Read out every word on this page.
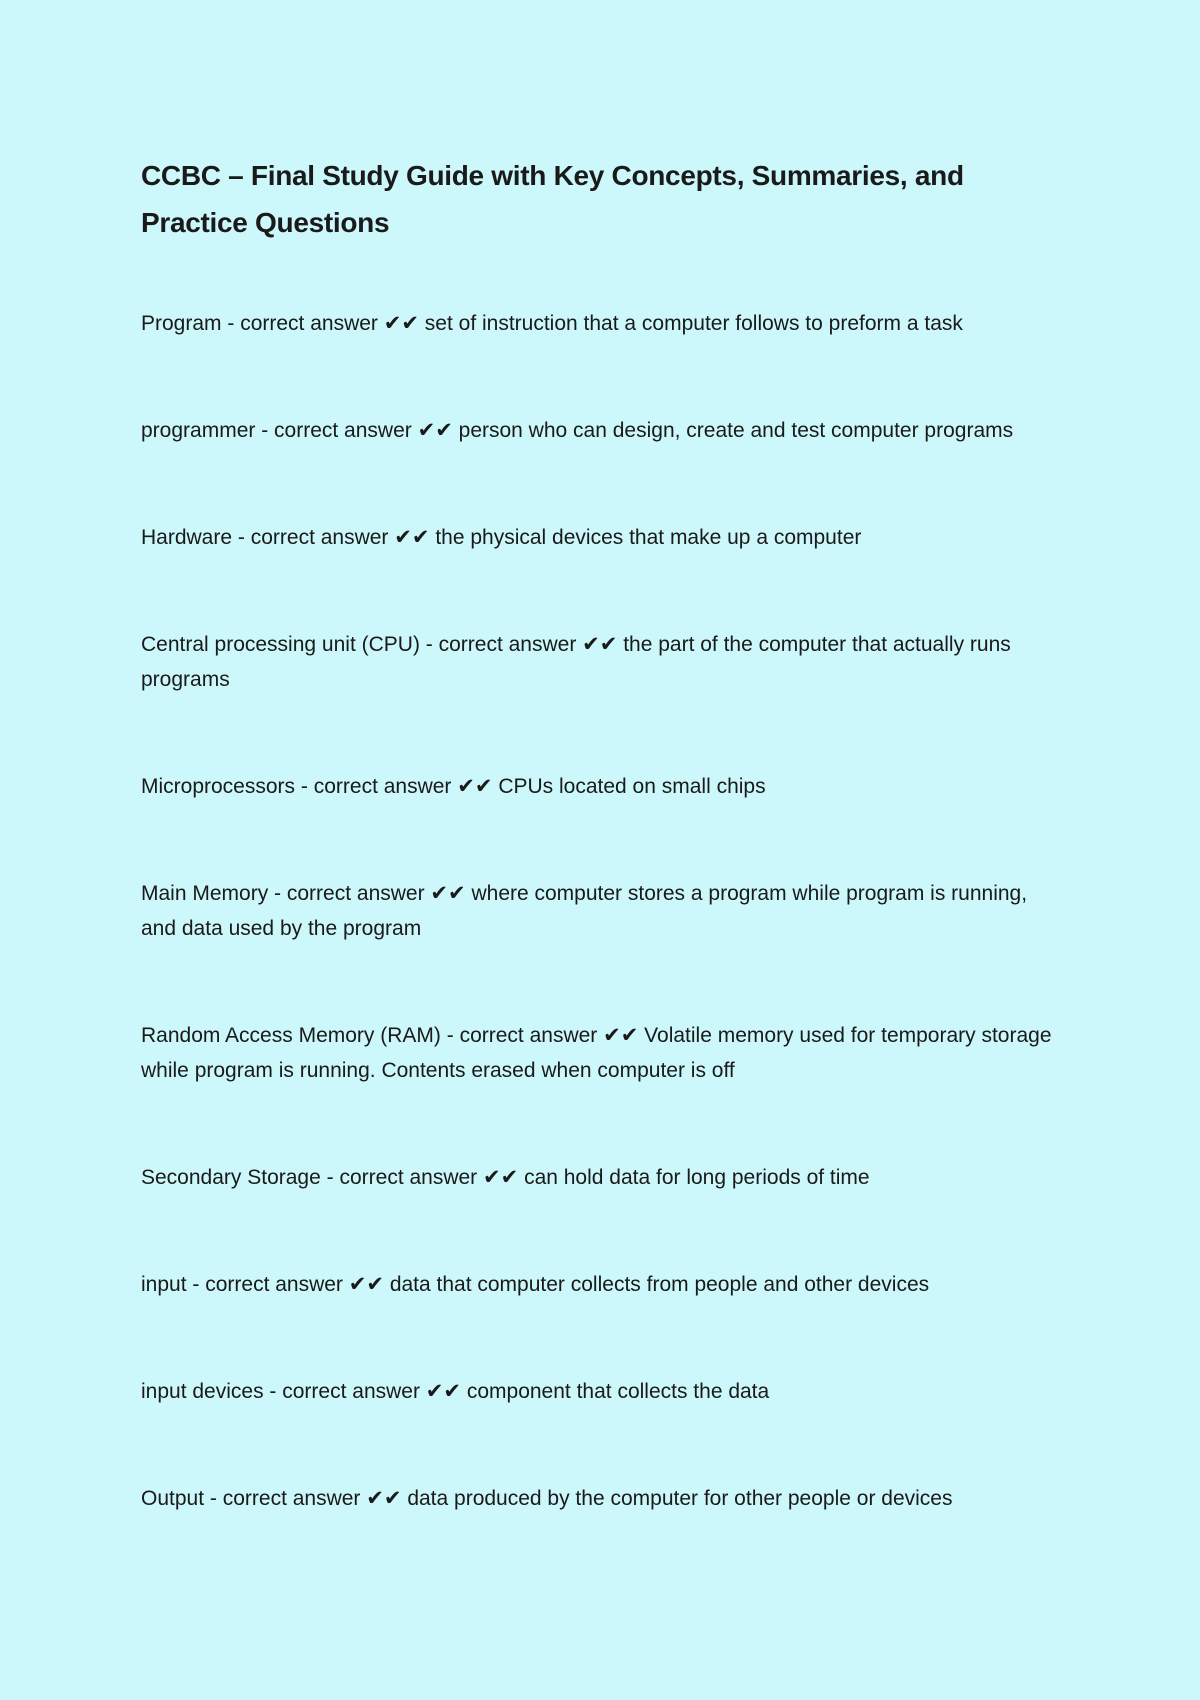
CCBC – Final Study Guide with Key Concepts, Summaries, and Practice Questions

Program - correct answer ✔✔ set of instruction that a computer follows to preform a task

programmer - correct answer ✔✔ person who can design, create and test computer programs

Hardware - correct answer ✔✔ the physical devices that make up a computer

Central processing unit (CPU) - correct answer ✔✔ the part of the computer that actually runs programs

Microprocessors - correct answer ✔✔ CPUs located on small chips

Main Memory - correct answer ✔✔ where computer stores a program while program is running, and data used by the program

Random Access Memory (RAM) - correct answer ✔✔ Volatile memory used for temporary storage while program is running. Contents erased when computer is off

Secondary Storage - correct answer ✔✔ can hold data for long periods of time

input - correct answer ✔✔ data that computer collects from people and other devices

input devices - correct answer ✔✔ component that collects the data

Output - correct answer ✔✔ data produced by the computer for other people or devices
